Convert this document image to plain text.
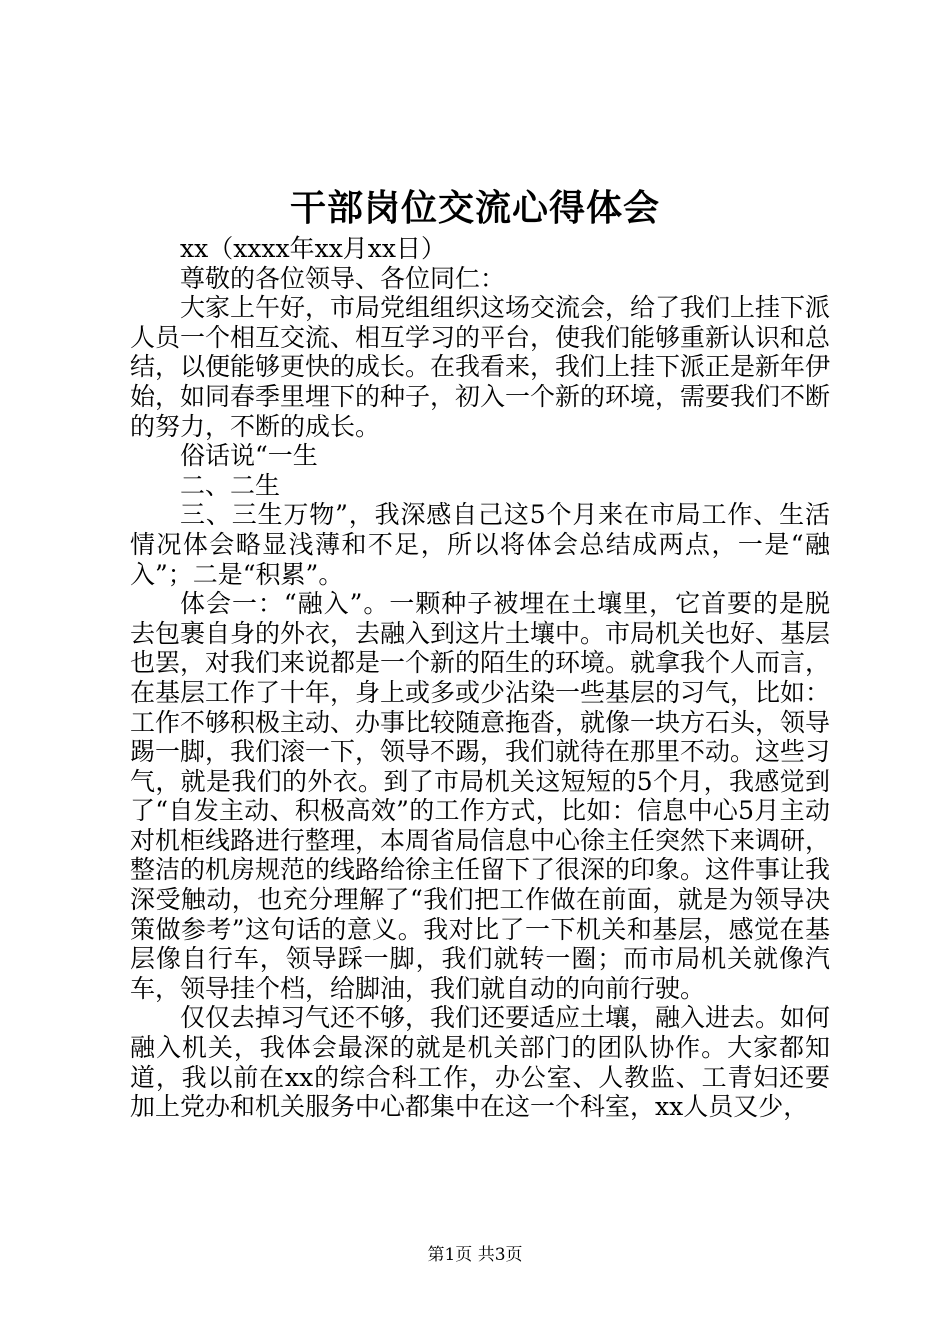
干部岗位交流心得体会

xx（xxxx年xx月xx日）

尊敬的各位领导、各位同仁：

大家上午好，市局党组组织这场交流会，给了我们上挂下派人员一个相互交流、相互学习的平台，使我们能够重新认识和总结，以便能够更快的成长。在我看来，我们上挂下派正是新年伊始，如同春季里埋下的种子，初入一个新的环境，需要我们不断的努力，不断的成长。

俗话说“一生

二、二生

三、三生万物”，我深感自己这5个月来在市局工作、生活情况体会略显浅薄和不足，所以将体会总结成两点，一是“融入”；二是“积累”。

体会一：“融入”。一颗种子被埋在土壤里，它首要的是脱去包裹自身的外衣，去融入到这片土壤中。市局机关也好、基层也罢，对我们来说都是一个新的陌生的环境。就拿我个人而言，在基层工作了十年，身上或多或少沾染一些基层的习气，比如：工作不够积极主动、办事比较随意拖沓，就像一块方石头，领导踢一脚，我们滚一下，领导不踢，我们就待在那里不动。这些习气，就是我们的外衣。到了市局机关这短短的5个月，我感觉到了“自发主动、积极高效”的工作方式，比如：信息中心5月主动对机柜线路进行整理，本周省局信息中心徐主任突然下来调研，整洁的机房规范的线路给徐主任留下了很深的印象。这件事让我深受触动，也充分理解了“我们把工作做在前面，就是为领导决策做参考”这句话的意义。我对比了一下机关和基层，感觉在基层像自行车，领导踩一脚，我们就转一圈；而市局机关就像汽车，领导挂个档，给脚油，我们就自动的向前行驶。

仅仅去掉习气还不够，我们还要适应土壤，融入进去。如何融入机关，我体会最深的就是机关部门的团队协作。大家都知道，我以前在xx的综合科工作，办公室、人教监、工青妇还要加上党办和机关服务中心都集中在这一个科室，xx人员又少，

第1页 共3页
